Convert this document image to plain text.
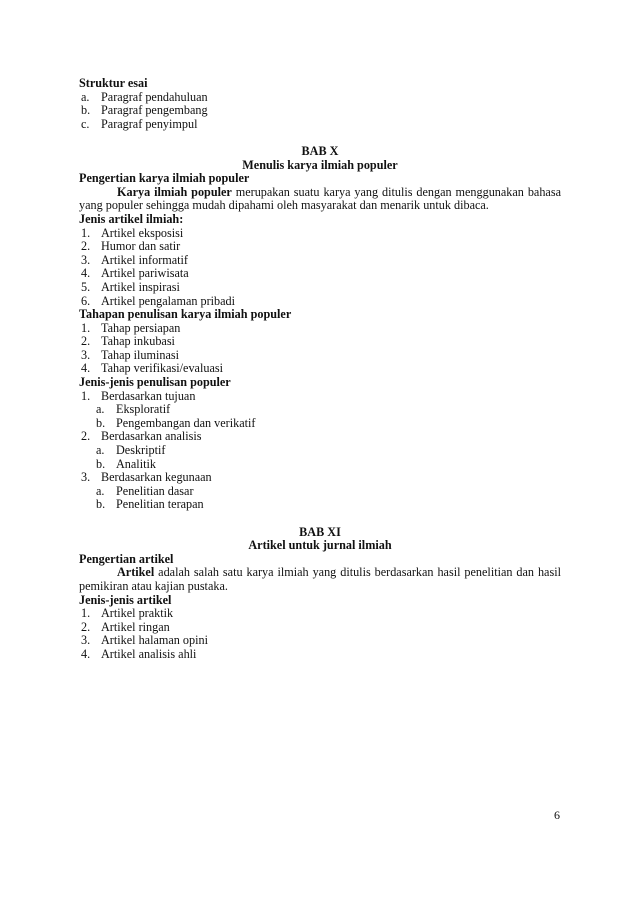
Struktur esai
a. Paragraf pendahuluan
b. Paragraf pengembang
c. Paragraf penyimpul
BAB X
Menulis karya ilmiah populer
Pengertian karya ilmiah populer
Karya ilmiah populer merupakan suatu karya yang ditulis dengan menggunakan bahasa yang populer sehingga mudah dipahami oleh masyarakat dan menarik untuk dibaca.
Jenis artikel ilmiah:
1. Artikel eksposisi
2. Humor dan satir
3. Artikel informatif
4. Artikel pariwisata
5. Artikel inspirasi
6. Artikel pengalaman pribadi
Tahapan penulisan karya ilmiah populer
1. Tahap persiapan
2. Tahap inkubasi
3. Tahap iluminasi
4. Tahap verifikasi/evaluasi
Jenis-jenis penulisan populer
1. Berdasarkan tujuan
a. Eksploratif
b. Pengembangan dan verikatif
2. Berdasarkan analisis
a. Deskriptif
b. Analitik
3. Berdasarkan kegunaan
a. Penelitian dasar
b. Penelitian terapan
BAB XI
Artikel untuk jurnal ilmiah
Pengertian artikel
Artikel adalah salah satu karya ilmiah yang ditulis berdasarkan hasil penelitian dan hasil pemikiran atau kajian pustaka.
Jenis-jenis artikel
1. Artikel praktik
2. Artikel ringan
3. Artikel halaman opini
4. Artikel analisis ahli
6
